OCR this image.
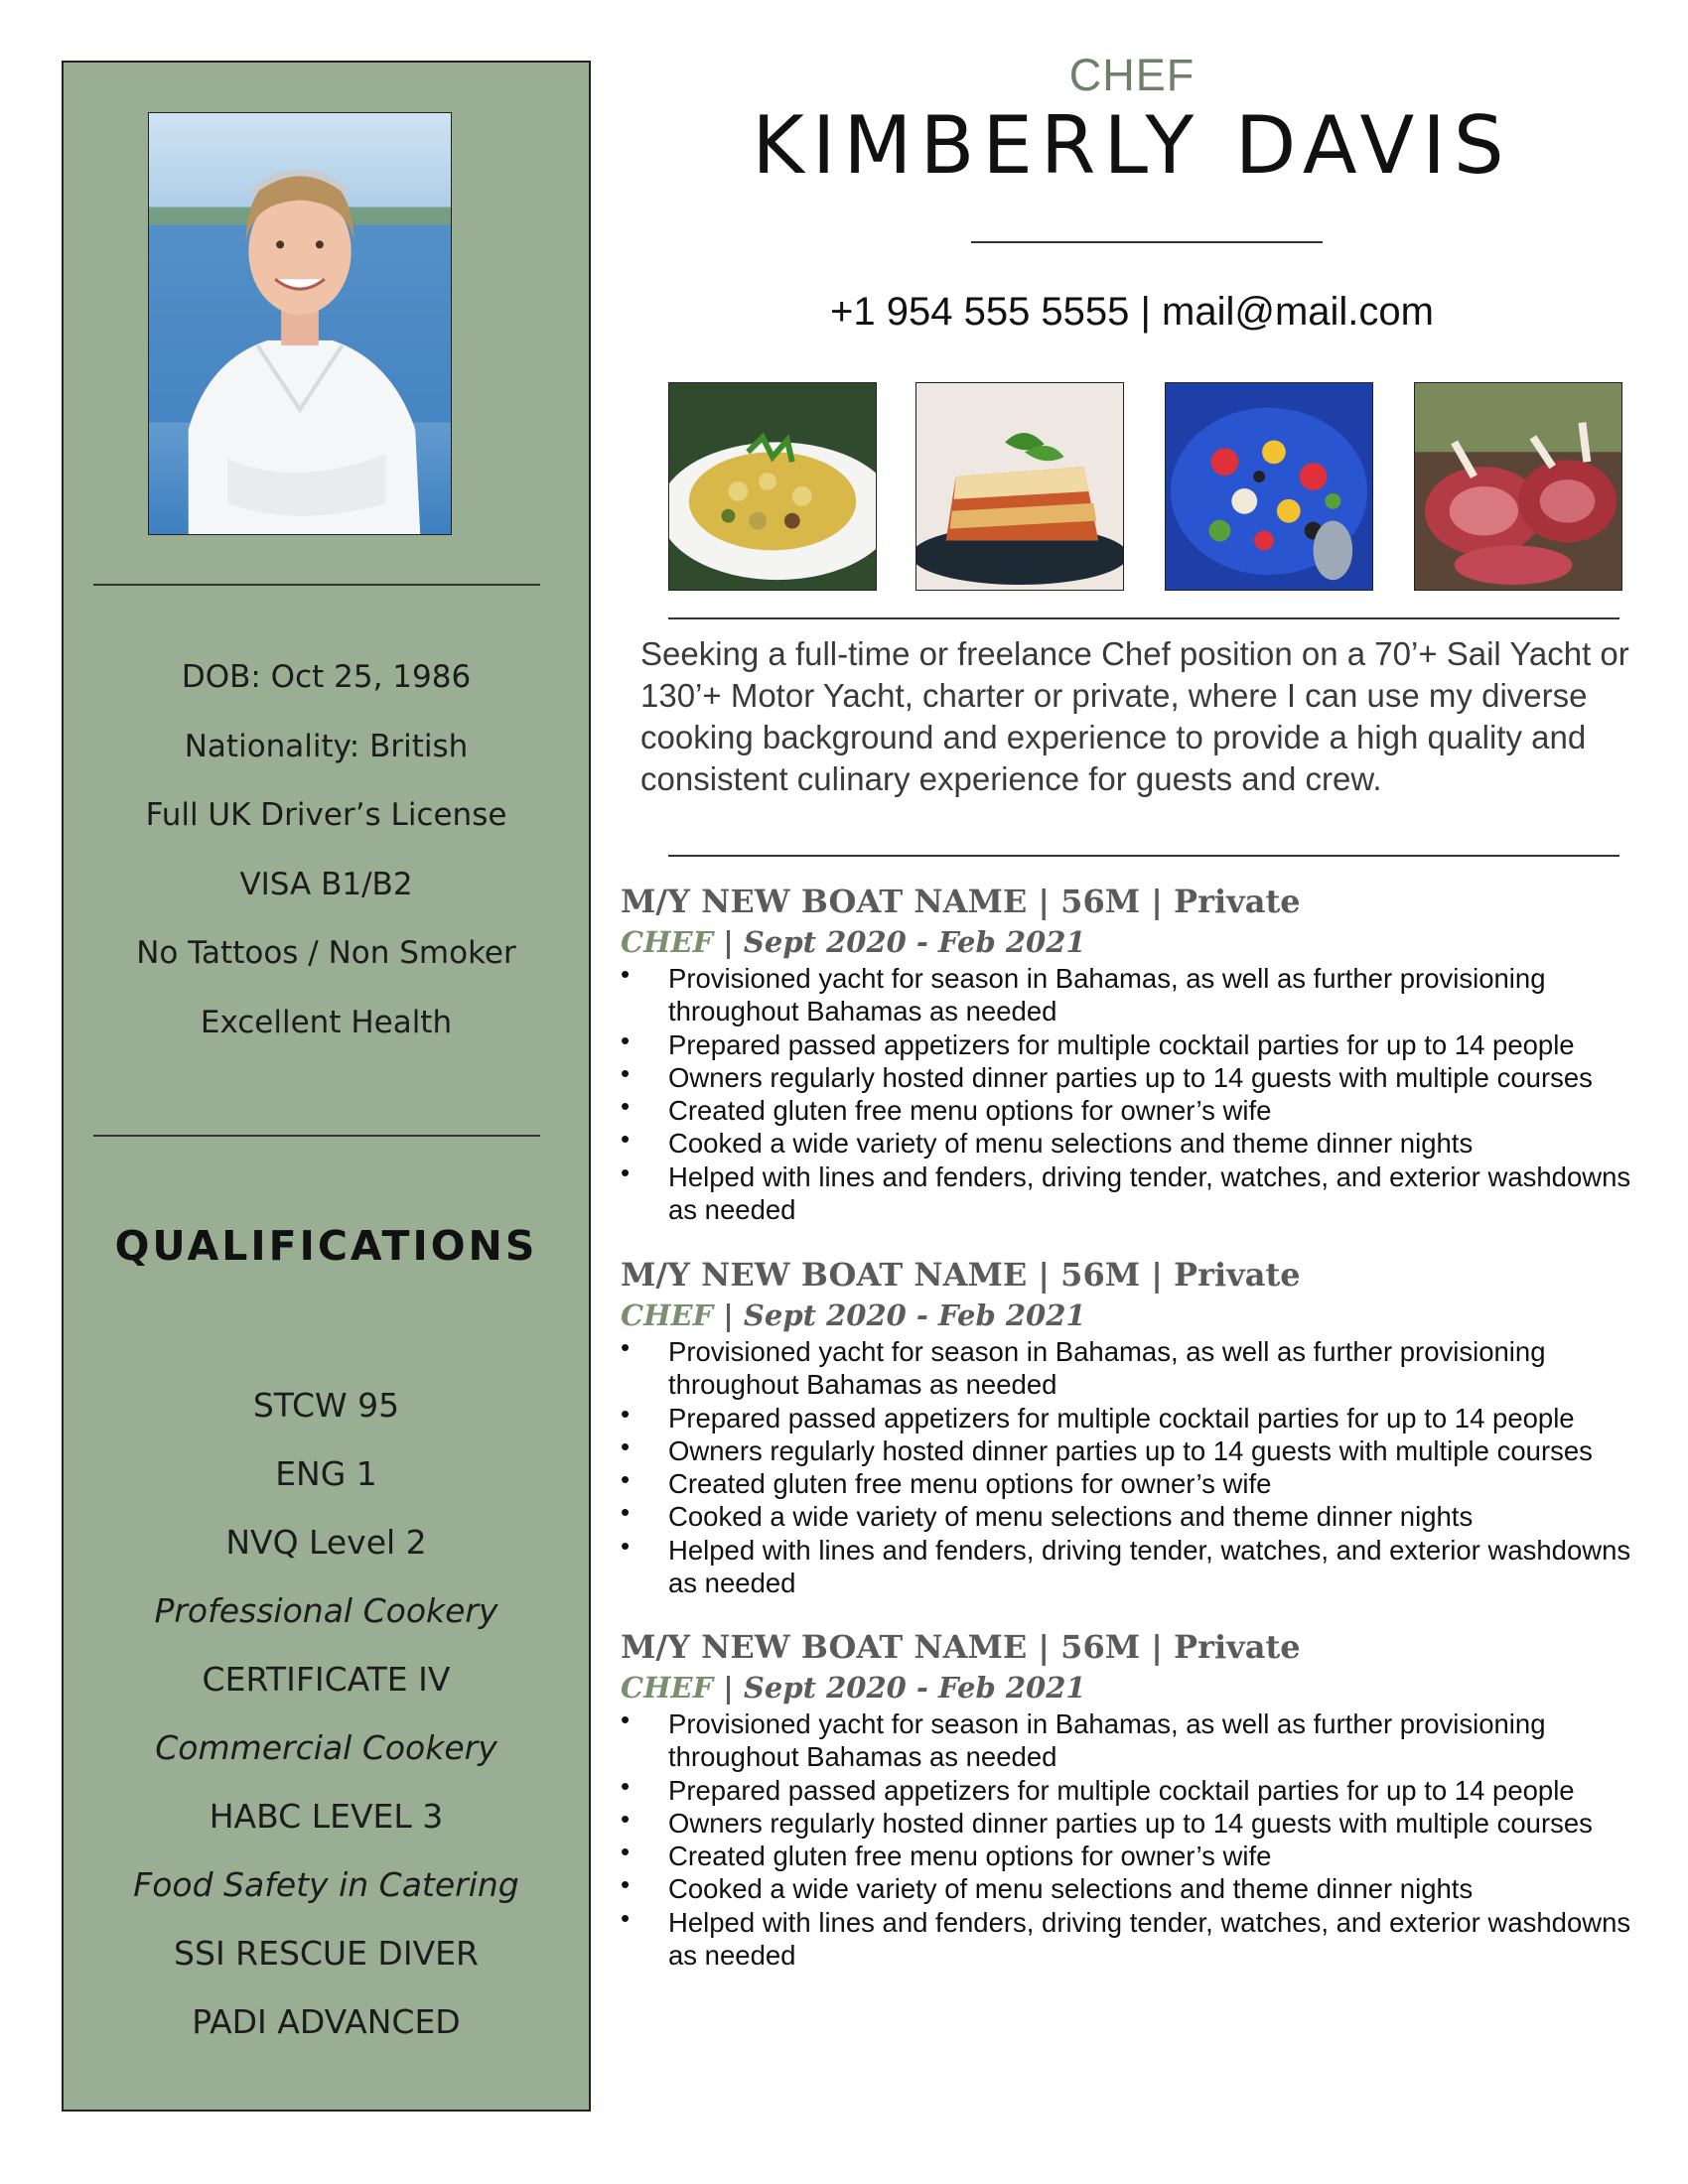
DOB: Oct 25, 1986
Nationality: British
Full UK Driver’s License
VISA B1/B2
No Tattoos / Non Smoker
Excellent Health
QUALIFICATIONS
STCW 95
ENG 1
NVQ Level 2
Professional Cookery
CERTIFICATE IV
Commercial Cookery
HABC LEVEL 3
Food Safety in Catering
SSI RESCUE DIVER
PADI ADVANCED
CHEF
KIMBERLY DAVIS
+1 954 555 5555 | mail@mail.com

Seeking a full-time or freelance Chef position on a 70’+ Sail Yacht or 130’+ Motor Yacht, charter or private, where I can use my diverse cooking background and experience to provide a high quality and consistent culinary experience for guests and crew.

M/Y NEW BOAT NAME | 56M | Private
CHEF | Sept 2020 - Feb 2021
• Provisioned yacht for season in Bahamas, as well as further provisioning throughout Bahamas as needed
• Prepared passed appetizers for multiple cocktail parties for up to 14 people
• Owners regularly hosted dinner parties up to 14 guests with multiple courses
• Created gluten free menu options for owner’s wife
• Cooked a wide variety of menu selections and theme dinner nights
• Helped with lines and fenders, driving tender, watches, and exterior washdowns as needed
M/Y NEW BOAT NAME | 56M | Private
CHEF | Sept 2020 - Feb 2021
• Provisioned yacht for season in Bahamas, as well as further provisioning throughout Bahamas as needed
• Prepared passed appetizers for multiple cocktail parties for up to 14 people
• Owners regularly hosted dinner parties up to 14 guests with multiple courses
• Created gluten free menu options for owner’s wife
• Cooked a wide variety of menu selections and theme dinner nights
• Helped with lines and fenders, driving tender, watches, and exterior washdowns as needed
M/Y NEW BOAT NAME | 56M | Private
CHEF | Sept 2020 - Feb 2021
• Provisioned yacht for season in Bahamas, as well as further provisioning throughout Bahamas as needed
• Prepared passed appetizers for multiple cocktail parties for up to 14 people
• Owners regularly hosted dinner parties up to 14 guests with multiple courses
• Created gluten free menu options for owner’s wife
• Cooked a wide variety of menu selections and theme dinner nights
• Helped with lines and fenders, driving tender, watches, and exterior washdowns as needed
